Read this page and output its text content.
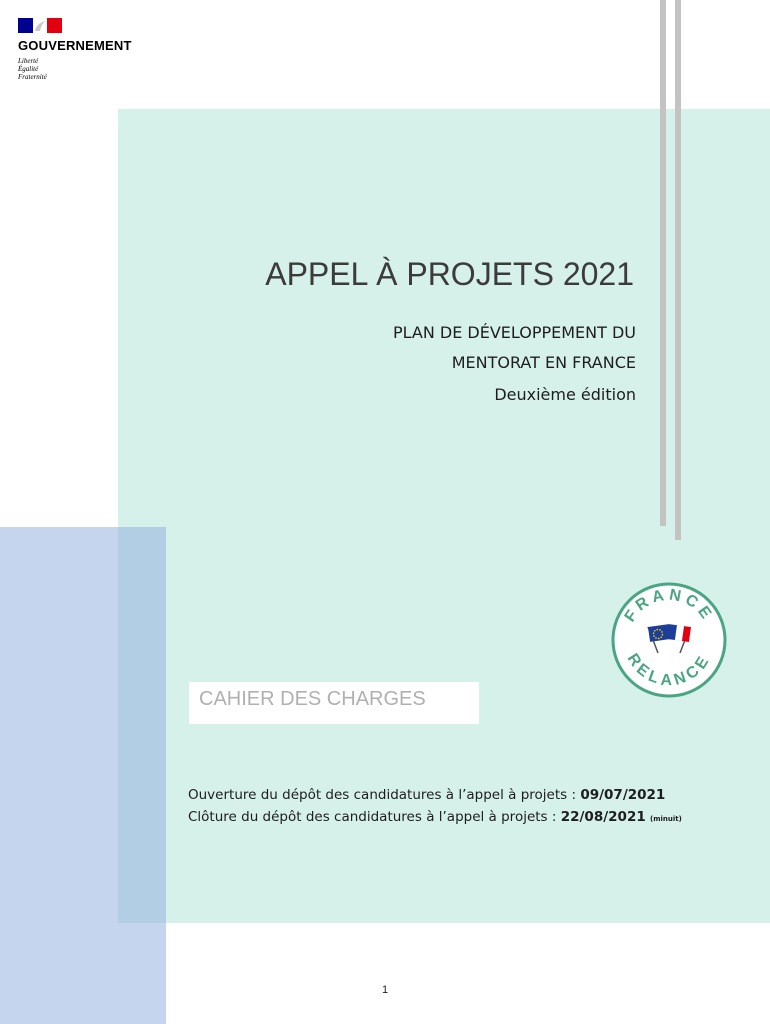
GOUVERNEMENT
Liberté
Égalité
Fraternité
APPEL À PROJETS 2021
PLAN DE DÉVELOPPEMENT DU
MENTORAT EN FRANCE
Deuxième édition
FRANCE
RELANCE
CAHIER DES CHARGES
Ouverture du dépôt des candidatures à l’appel à projets : 09/07/2021
Clôture du dépôt des candidatures à l’appel à projets : 22/08/2021 (minuit)
1
